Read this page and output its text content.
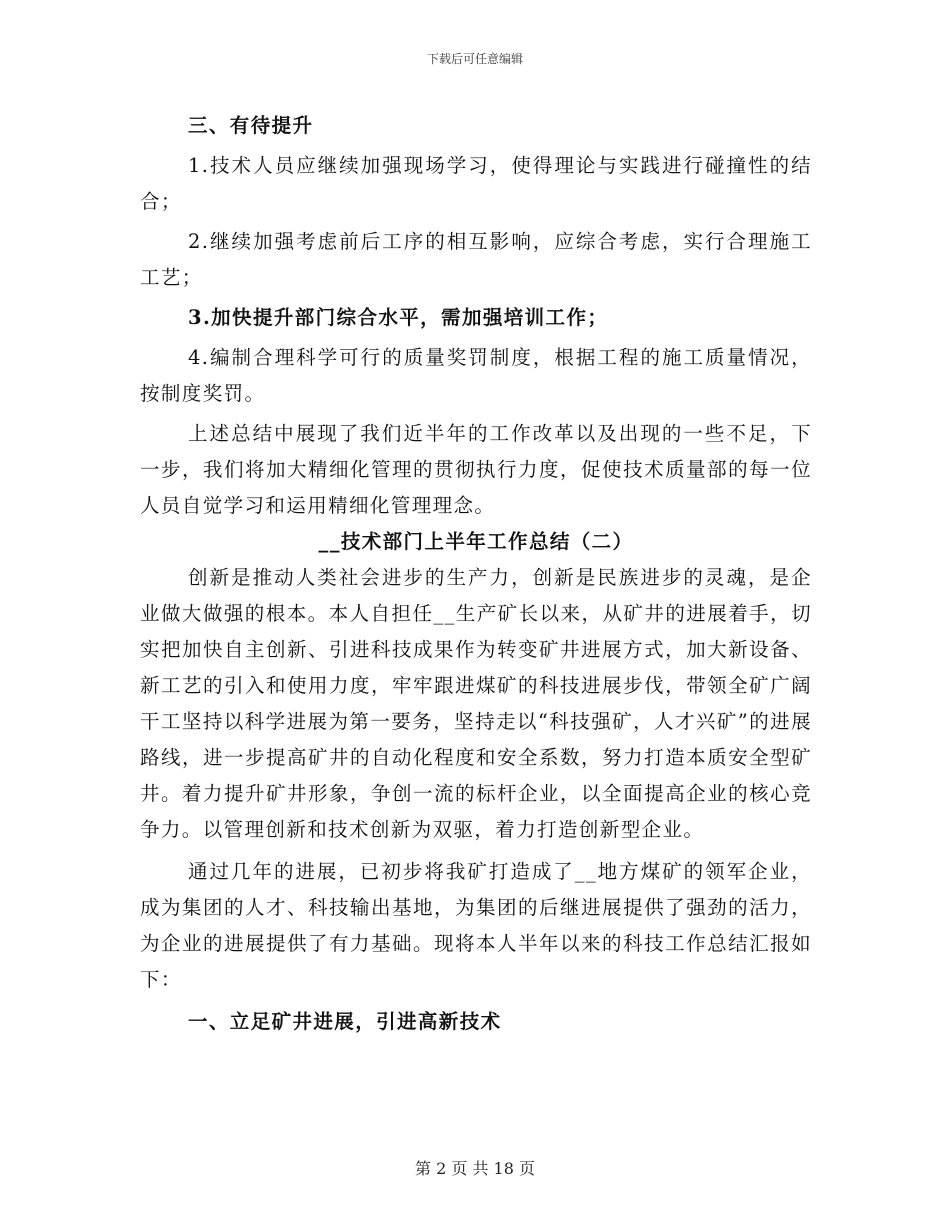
下载后可任意编辑

三、有待提升

1.技术人员应继续加强现场学习，使得理论与实践进行碰撞性的结合；

2.继续加强考虑前后工序的相互影响，应综合考虑，实行合理施工工艺；

3.加快提升部门综合水平，需加强培训工作；

4.编制合理科学可行的质量奖罚制度，根据工程的施工质量情况，按制度奖罚。

上述总结中展现了我们近半年的工作改革以及出现的一些不足，下一步，我们将加大精细化管理的贯彻执行力度，促使技术质量部的每一位人员自觉学习和运用精细化管理理念。

__技术部门上半年工作总结（二）

创新是推动人类社会进步的生产力，创新是民族进步的灵魂，是企业做大做强的根本。本人自担任__生产矿长以来，从矿井的进展着手，切实把加快自主创新、引进科技成果作为转变矿井进展方式，加大新设备、新工艺的引入和使用力度，牢牢跟进煤矿的科技进展步伐，带领全矿广阔干工坚持以科学进展为第一要务，坚持走以“科技强矿，人才兴矿”的进展路线，进一步提高矿井的自动化程度和安全系数，努力打造本质安全型矿井。着力提升矿井形象，争创一流的标杆企业，以全面提高企业的核心竞争力。以管理创新和技术创新为双驱，着力打造创新型企业。

通过几年的进展，已初步将我矿打造成了__地方煤矿的领军企业，成为集团的人才、科技输出基地，为集团的后继进展提供了强劲的活力，为企业的进展提供了有力基础。现将本人半年以来的科技工作总结汇报如下：

一、立足矿井进展，引进高新技术

第 2 页 共 18 页
